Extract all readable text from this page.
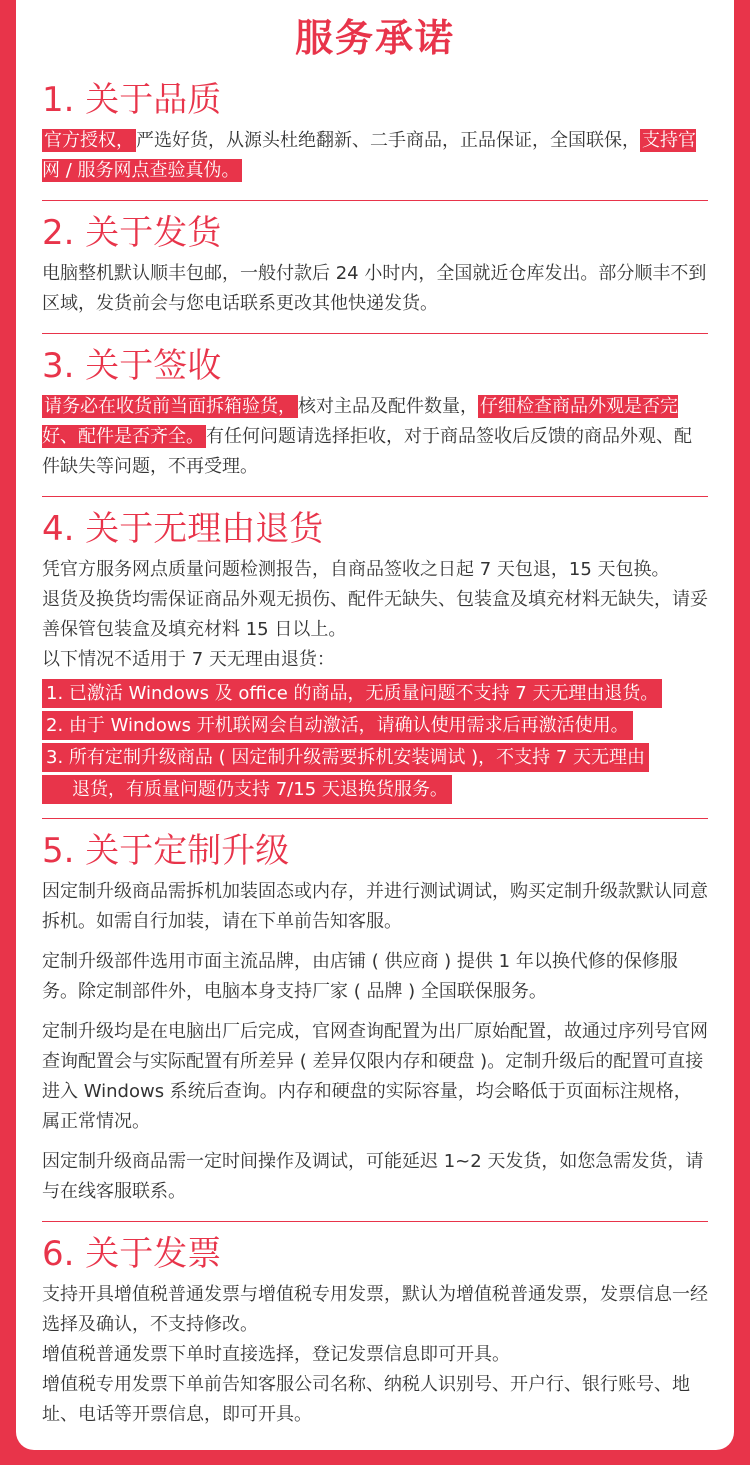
服务承诺
1. 关于品质

官方授权， 严选好货，从源头杜绝翻新、二手商品，正品保证，全国联保， 支持官网 / 服务网点查验真伪。

2. 关于发货

电脑整机默认顺丰包邮，一般付款后 24 小时内，全国就近仓库发出。部分顺丰不到区域，发货前会与您电话联系更改其他快递发货。

3. 关于签收

请务必在收货前当面拆箱验货， 核对主品及配件数量， 仔细检查商品外观是否完好、配件是否齐全。 有任何问题请选择拒收，对于商品签收后反馈的商品外观、配件缺失等问题，不再受理。

4. 关于无理由退货

凭官方服务网点质量问题检测报告，自商品签收之日起 7 天包退，15 天包换。

退货及换货均需保证商品外观无损伤、配件无缺失、包装盒及填充材料无缺失，请妥善保管包装盒及填充材料 15 日以上。

以下情况不适用于 7 天无理由退货：

1. 已激活 Windows 及 office 的商品，无质量问题不支持 7 天无理由退货。
2. 由于 Windows 开机联网会自动激活，请确认使用需求后再激活使用。
3. 所有定制升级商品 ( 因定制升级需要拆机安装调试 )，不支持 7 天无理由
退货，有质量问题仍支持 7/15 天退换货服务。
5. 关于定制升级

因定制升级商品需拆机加装固态或内存，并进行测试调试，购买定制升级款默认同意拆机。如需自行加装，请在下单前告知客服。

定制升级部件选用市面主流品牌，由店铺 ( 供应商 ) 提供 1 年以换代修的保修服务。除定制部件外，电脑本身支持厂家 ( 品牌 ) 全国联保服务。

定制升级均是在电脑出厂后完成，官网查询配置为出厂原始配置，故通过序列号官网查询配置会与实际配置有所差异 ( 差异仅限内存和硬盘 )。定制升级后的配置可直接进入 Windows 系统后查询。内存和硬盘的实际容量，均会略低于页面标注规格，属正常情况。

因定制升级商品需一定时间操作及调试，可能延迟 1~2 天发货，如您急需发货，请与在线客服联系。

6. 关于发票

支持开具增值税普通发票与增值税专用发票，默认为增值税普通发票，发票信息一经选择及确认，不支持修改。

增值税普通发票下单时直接选择，登记发票信息即可开具。

增值税专用发票下单前告知客服公司名称、纳税人识别号、开户行、银行账号、地址、电话等开票信息，即可开具。
